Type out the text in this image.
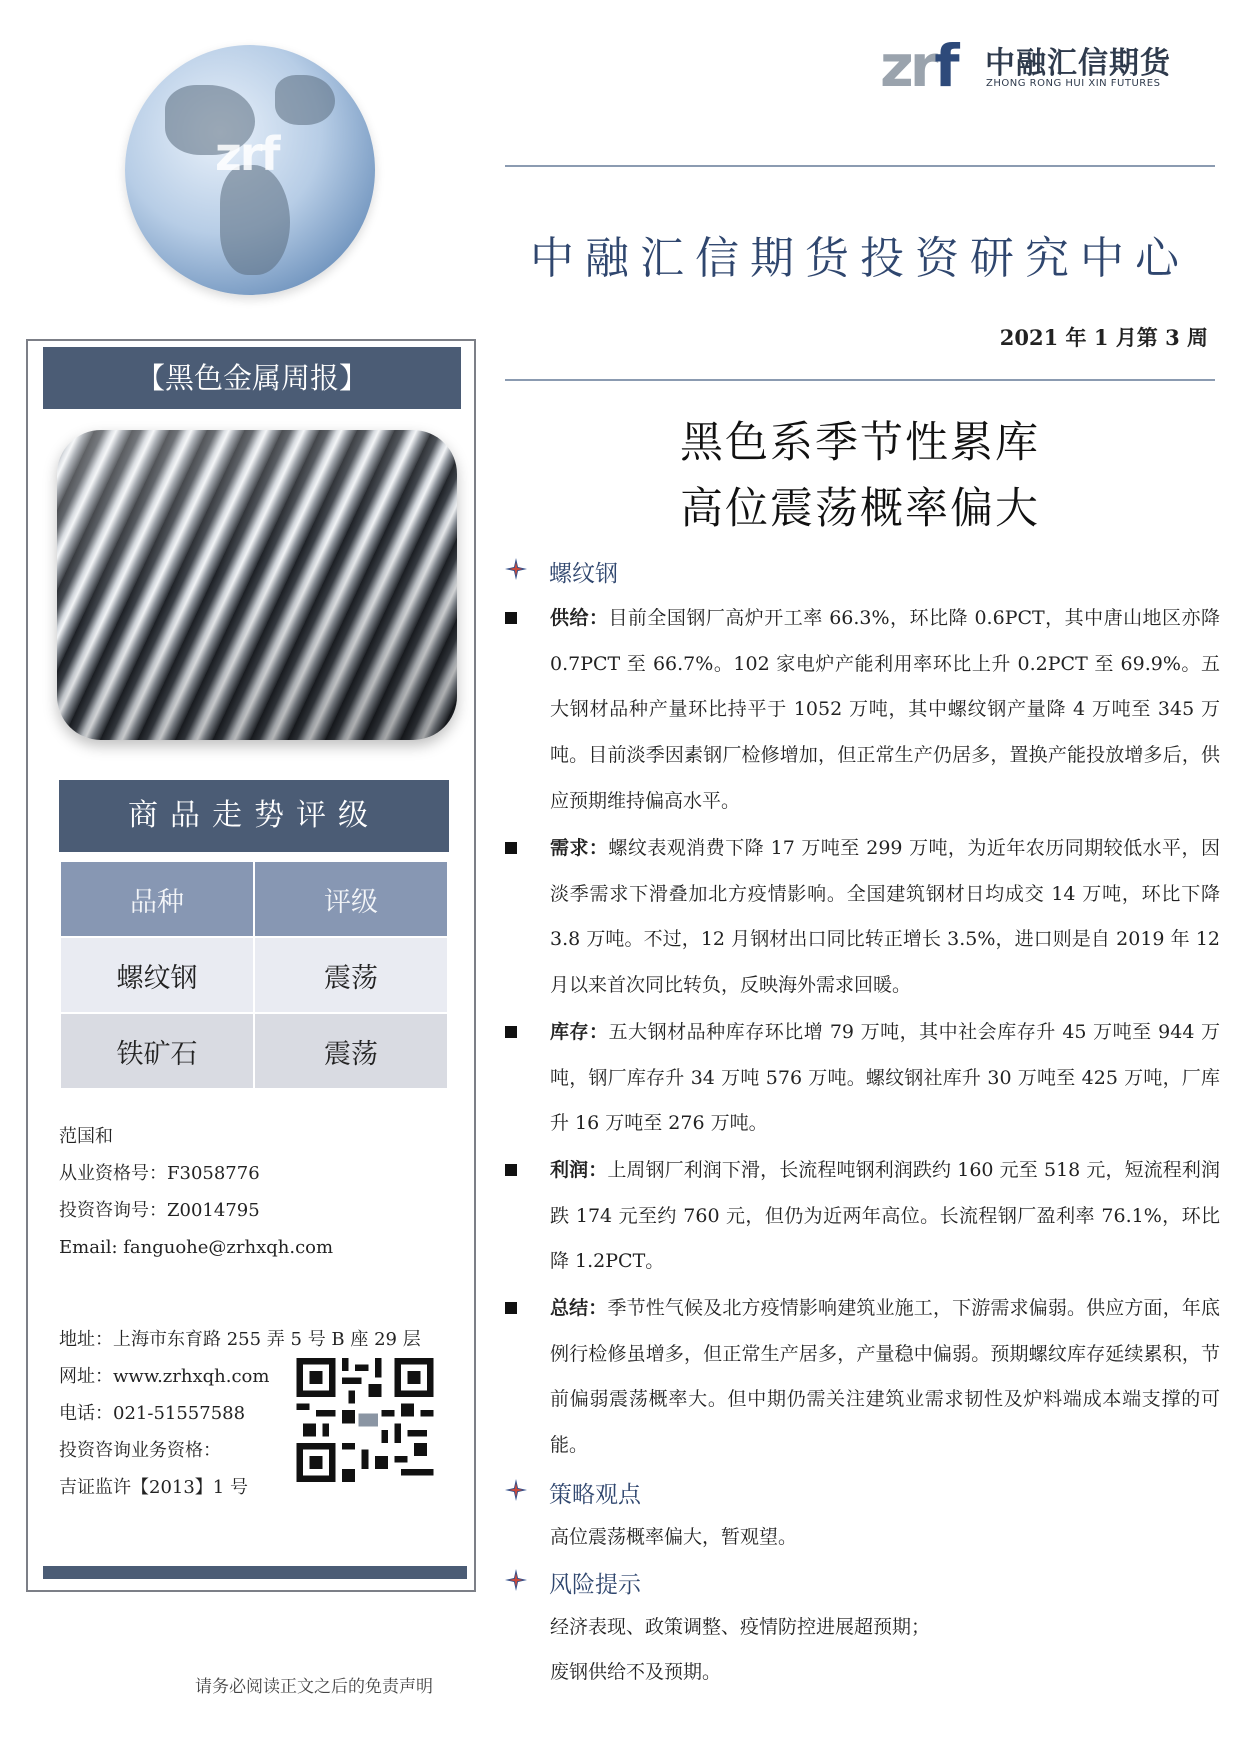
zrf
zrf 中融汇信期货
ZHONG RONG HUI XIN FUTURES
中融汇信期货投资研究中心
2021 年 1 月第 3 周
黑色系季节性累库
高位震荡概率偏大
【黑色金属周报】
商品走势评级
品种	评级
螺纹钢	震荡
铁矿石	震荡
范国和
从业资格号：F3058776
投资咨询号：Z0014795
Email: fanguohe@zrhxqh.com
地址：上海市东育路 255 弄 5 号 B 座 29 层
网址：www.zrhxqh.com
电话：021-51557588
投资咨询业务资格：
吉证监许【2013】1 号
螺纹钢
供给：目前全国钢厂高炉开工率 66.3%，环比降 0.6PCT，其中唐山地区亦降 0.7PCT 至 66.7%。102 家电炉产能利用率环比上升 0.2PCT 至 69.9%。五大钢材品种产量环比持平于 1052 万吨，其中螺纹钢产量降 4 万吨至 345 万吨。目前淡季因素钢厂检修增加，但正常生产仍居多，置换产能投放增多后，供应预期维持偏高水平。
需求：螺纹表观消费下降 17 万吨至 299 万吨，为近年农历同期较低水平，因淡季需求下滑叠加北方疫情影响。全国建筑钢材日均成交 14 万吨，环比下降 3.8 万吨。不过，12 月钢材出口同比转正增长 3.5%，进口则是自 2019 年 12 月以来首次同比转负，反映海外需求回暖。
库存：五大钢材品种库存环比增 79 万吨，其中社会库存升 45 万吨至 944 万吨，钢厂库存升 34 万吨 576 万吨。螺纹钢社库升 30 万吨至 425 万吨，厂库升 16 万吨至 276 万吨。
利润：上周钢厂利润下滑，长流程吨钢利润跌约 160 元至 518 元，短流程利润跌 174 元至约 760 元，但仍为近两年高位。长流程钢厂盈利率 76.1%，环比降 1.2PCT。
总结：季节性气候及北方疫情影响建筑业施工，下游需求偏弱。供应方面，年底例行检修虽增多，但正常生产居多，产量稳中偏弱。预期螺纹库存延续累积，节前偏弱震荡概率大。但中期仍需关注建筑业需求韧性及炉料端成本端支撑的可能。
策略观点
高位震荡概率偏大，暂观望。
风险提示
经济表现、政策调整、疫情防控进展超预期；
废钢供给不及预期。
请务必阅读正文之后的免责声明
